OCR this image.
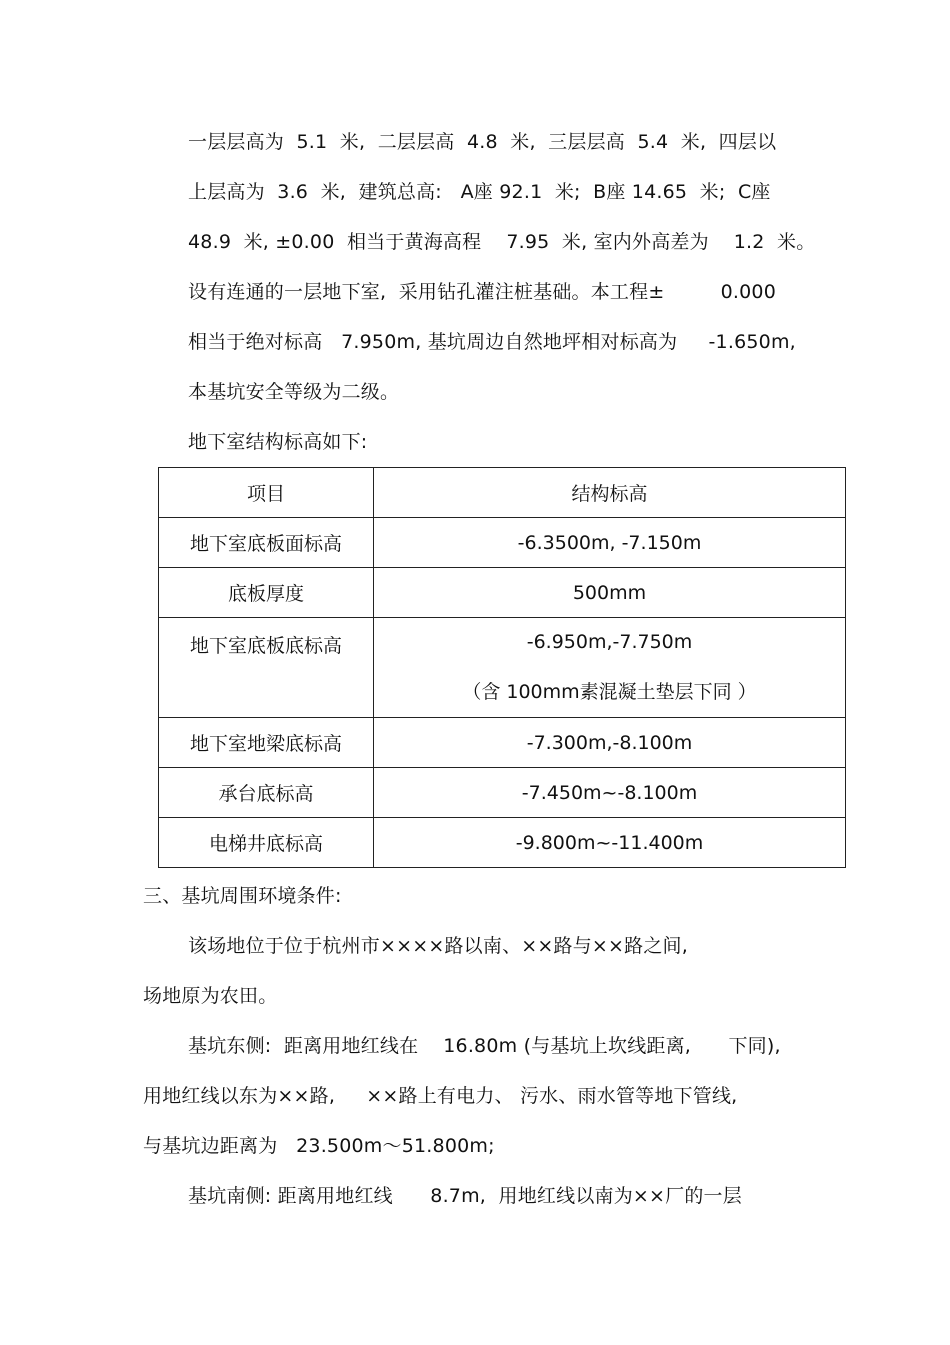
一层层高为  5.1  米,  二层层高  4.8  米,  三层层高  5.4  米,  四层以
上层高为  3.6  米,  建筑总高:   A座 92.1  米;  B座 14.65  米;  C座
48.9  米, ±0.00  相当于黄海高程    7.95  米, 室内外高差为    1.2  米。
设有连通的一层地下室,  采用钻孔灌注桩基础。本工程±         0.000
相当于绝对标高   7.950m, 基坑周边自然地坪相对标高为     -1.650m,
本基坑安全等级为二级。
地下室结构标高如下:
项目	结构标高
地下室底板面标高	-6.3500m, -7.150m
底板厚度	500mm
地下室底板底标高	-6.950m,-7.750m
（含 100mm素混凝土垫层下同 ）

地下室地梁底标高	-7.300m,-8.100m
承台底标高	-7.450m~-8.100m
电梯井底标高	-9.800m~-11.400m
三、基坑周围环境条件:
该场地位于位于杭州市××××路以南、××路与××路之间,
场地原为农田。
基坑东侧:  距离用地红线在    16.80m (与基坑上坎线距离,      下同),
用地红线以东为××路,     ××路上有电力、 污水、雨水管等地下管线,
与基坑边距离为   23.500m～51.800m;
基坑南侧: 距离用地红线      8.7m,  用地红线以南为××厂的一层
